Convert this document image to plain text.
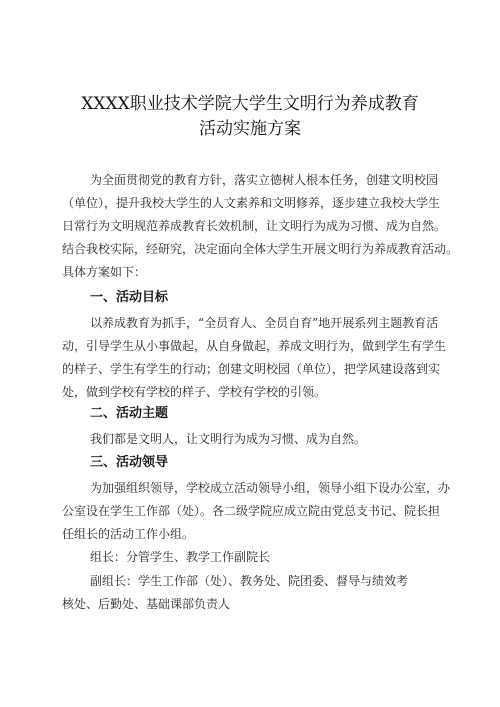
XXXX职业技术学院大学生文明行为养成教育
活动实施方案
为全面贯彻党的教育方针，落实立德树人根本任务，创建文明校园
（单位），提升我校大学生的人文素养和文明修养，逐步建立我校大学生
日常行为文明规范养成教育长效机制，让文明行为成为习惯、成为自然。
结合我校实际，经研究，决定面向全体大学生开展文明行为养成教育活动。
具体方案如下：
一、活动目标
以养成教育为抓手，“全员育人、全员自育”地开展系列主题教育活
动，引导学生从小事做起，从自身做起，养成文明行为，做到学生有学生
的样子、学生有学生的行动；创建文明校园（单位），把学风建设落到实
处，做到学校有学校的样子、学校有学校的引领。
二、活动主题
我们都是文明人，让文明行为成为习惯、成为自然。
三、活动领导
为加强组织领导，学校成立活动领导小组，领导小组下设办公室，办
公室设在学生工作部（处）。各二级学院应成立院由党总支书记、院长担
任组长的活动工作小组。
组长：分管学生、教学工作副院长
副组长：学生工作部（处）、教务处、院团委、督导与绩效考
核处、后勤处、基础课部负责人
